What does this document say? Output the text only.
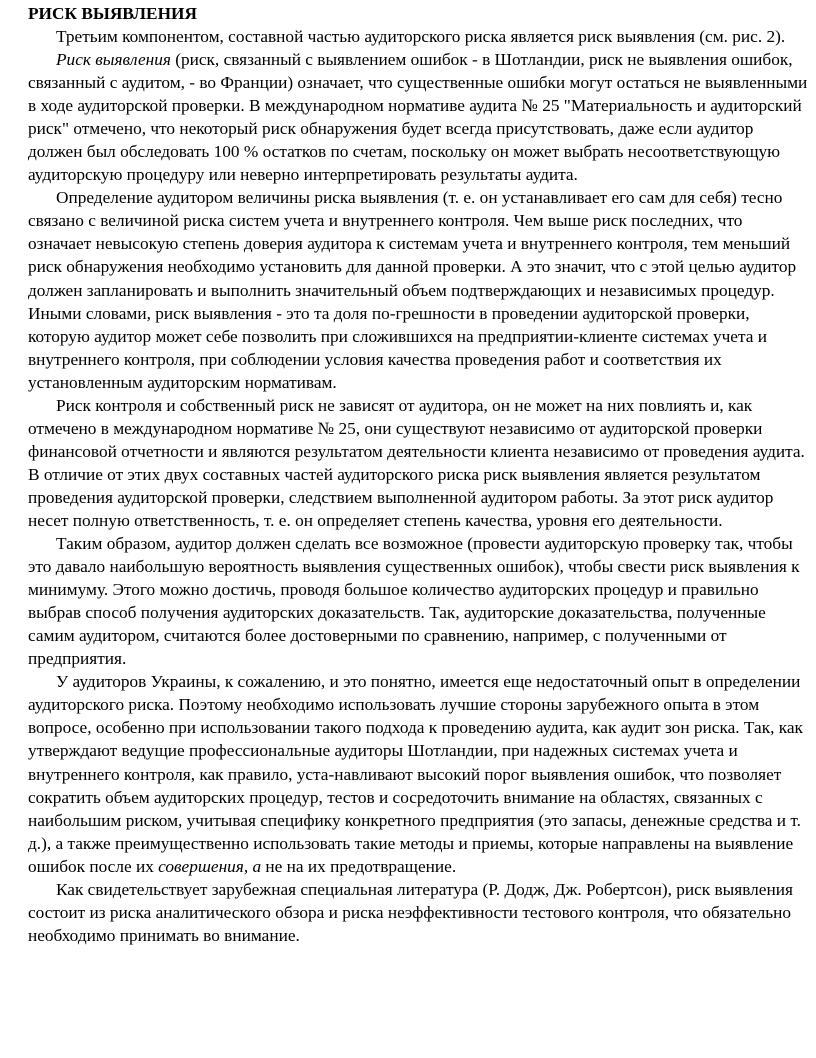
РИСК ВЫЯВЛЕНИЯ

Третьим компонентом, составной частью аудиторского риска является риск выявления (см. рис. 2).

Риск выявления (риск, связанный с выявлением ошибок - в Шотландии, риск не выявления ошибок, связанный с аудитом, - во Франции) означает, что существенные ошибки могут остаться не выявленными в ходе аудиторской проверки. В международном нормативе аудита № 25 "Материальность и аудиторский риск" отмечено, что некоторый риск обнаружения будет всегда присутствовать, даже если аудитор должен был обследовать 100 % остатков по счетам, поскольку он может выбрать несоответствующую аудиторскую процедуру или неверно интерпретировать результаты аудита.

Определение аудитором величины риска выявления (т. е. он устанавливает его сам для себя) тесно связано с величиной риска систем учета и внутреннего контроля. Чем выше риск последних, что означает невысокую степень доверия аудитора к системам учета и внутреннего контроля, тем меньший риск обнаружения необходимо установить для данной проверки. А это значит, что с этой целью аудитор должен запланировать и выполнить значительный объем подтверждающих и независимых процедур. Иными словами, риск выявления - это та доля по-грешности в проведении аудиторской проверки, которую аудитор может себе позволить при сложившихся на предприятии-клиенте системах учета и внутреннего контроля, при соблюдении условия качества проведения работ и соответствия их установленным аудиторским нормативам.

Риск контроля и собственный риск не зависят от аудитора, он не может на них повлиять и, как отмечено в международном нормативе № 25, они существуют независимо от аудиторской проверки финансовой отчетности и являются результатом деятельности клиента независимо от проведения аудита. В отличие от этих двух составных частей аудиторского риска риск выявления является результатом проведения аудиторской проверки, следствием выполненной аудитором работы. За этот риск аудитор несет полную ответственность, т. е. он определяет степень качества, уровня его деятельности.

Таким образом, аудитор должен сделать все возможное (провести аудиторскую проверку так, чтобы это давало наибольшую вероятность выявления существенных ошибок), чтобы свести риск выявления к минимуму. Этого можно достичь, проводя большое количество аудиторских процедур и правильно выбрав способ получения аудиторских доказательств. Так, аудиторские доказательства, полученные самим аудитором, считаются более достоверными по сравнению, например, с полученными от предприятия.

У аудиторов Украины, к сожалению, и это понятно, имеется еще недостаточный опыт в определении аудиторского риска. Поэтому необходимо использовать лучшие стороны зарубежного опыта в этом вопросе, особенно при использовании такого подхода к проведению аудита, как аудит зон риска. Так, как утверждают ведущие профессиональные аудиторы Шотландии, при надежных системах учета и внутреннего контроля, как правило, уста-навливают высокий порог выявления ошибок, что позволяет сократить объем аудиторских процедур, тестов и сосредоточить внимание на областях, связанных с наибольшим риском, учитывая специфику конкретного предприятия (это запасы, денежные средства и т. д.), а также преимущественно использовать такие методы и приемы, которые направлены на выявление ошибок после их совершения, а не на их предотвращение.

Как свидетельствует зарубежная специальная литература (Р. Додж, Дж. Робертсон), риск выявления состоит из риска аналитического обзора и риска неэффективности тестового контроля, что обязательно необходимо принимать во внимание.
